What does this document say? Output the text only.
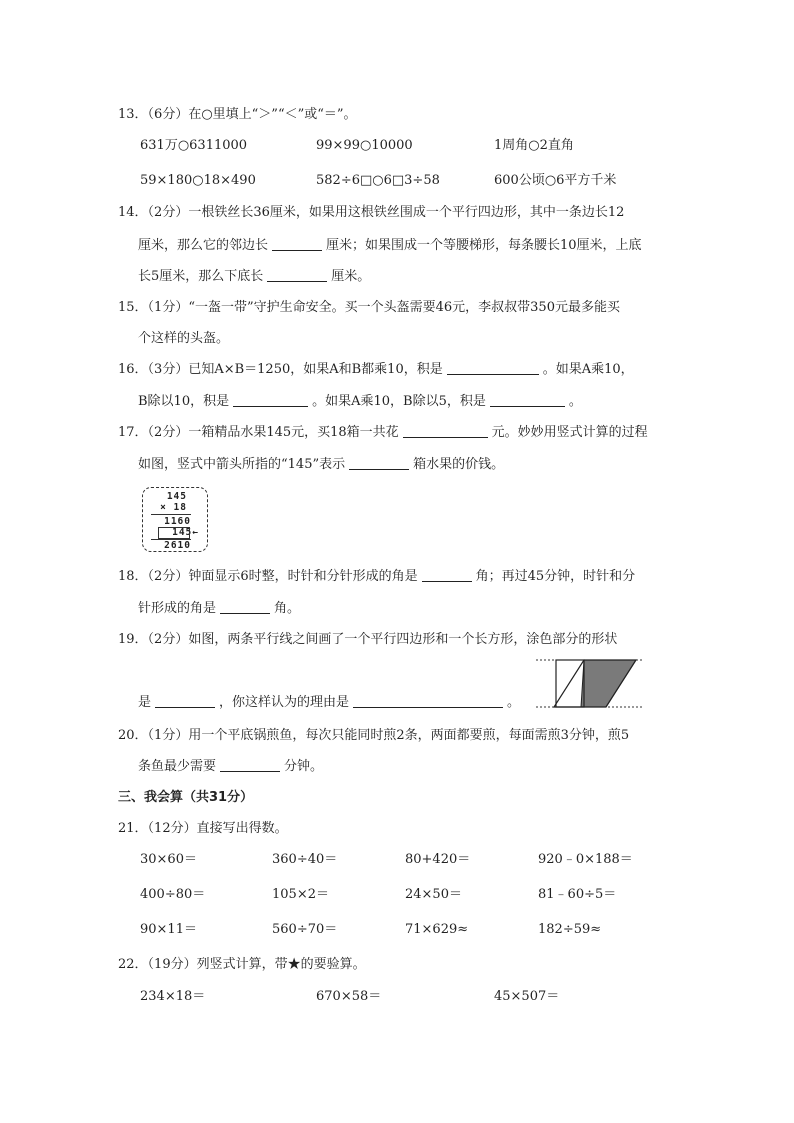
13．（6分）在○里填上“＞”“＜”或“＝”。
631万○6311000	99×99○10000	1周角○2直角
59×180○18×490	582÷6□○6□3÷58	600公顷○6平方千米
14．（2分）一根铁丝长36厘米，如果用这根铁丝围成一个平行四边形，其中一条边长12
厘米，那么它的邻边长	厘米；如果围成一个等腰梯形，每条腰长10厘米，上底
长5厘米，那么下底长	厘米。
15．（1分）“一盔一带”守护生命安全。买一个头盔需要46元，李叔叔带350元最多能买
个这样的头盔。
16．（3分）已知A×B＝1250，如果A和B都乘10，积是	。如果A乘10，
B除以10，积是	。如果A乘10，B除以5，积是	。
17．（2分）一箱精品水果145元，买18箱一共花	元。妙妙用竖式计算的过程
如图，竖式中箭头所指的“145”表示	箱水果的价钱。
145
× 18
1160
145←
2610
18．（2分）钟面显示6时整，时针和分针形成的角是	角；再过45分钟，时针和分
针形成的角是	角。
19．（2分）如图，两条平行线之间画了一个平行四边形和一个长方形，涂色部分的形状
是	，你这样认为的理由是	。
20．（1分）用一个平底锅煎鱼，每次只能同时煎2条，两面都要煎，每面需煎3分钟，煎5
条鱼最少需要	分钟。
三、我会算（共31分）
21．（12分）直接写出得数。
30×60＝	360÷40＝	80+420＝	920﹣0×188＝
400÷80＝	105×2＝	24×50＝	81﹣60÷5＝
90×11＝	560÷70＝	71×629≈	182÷59≈
22．（19分）列竖式计算，带★的要验算。
234×18＝	670×58＝	45×507＝
